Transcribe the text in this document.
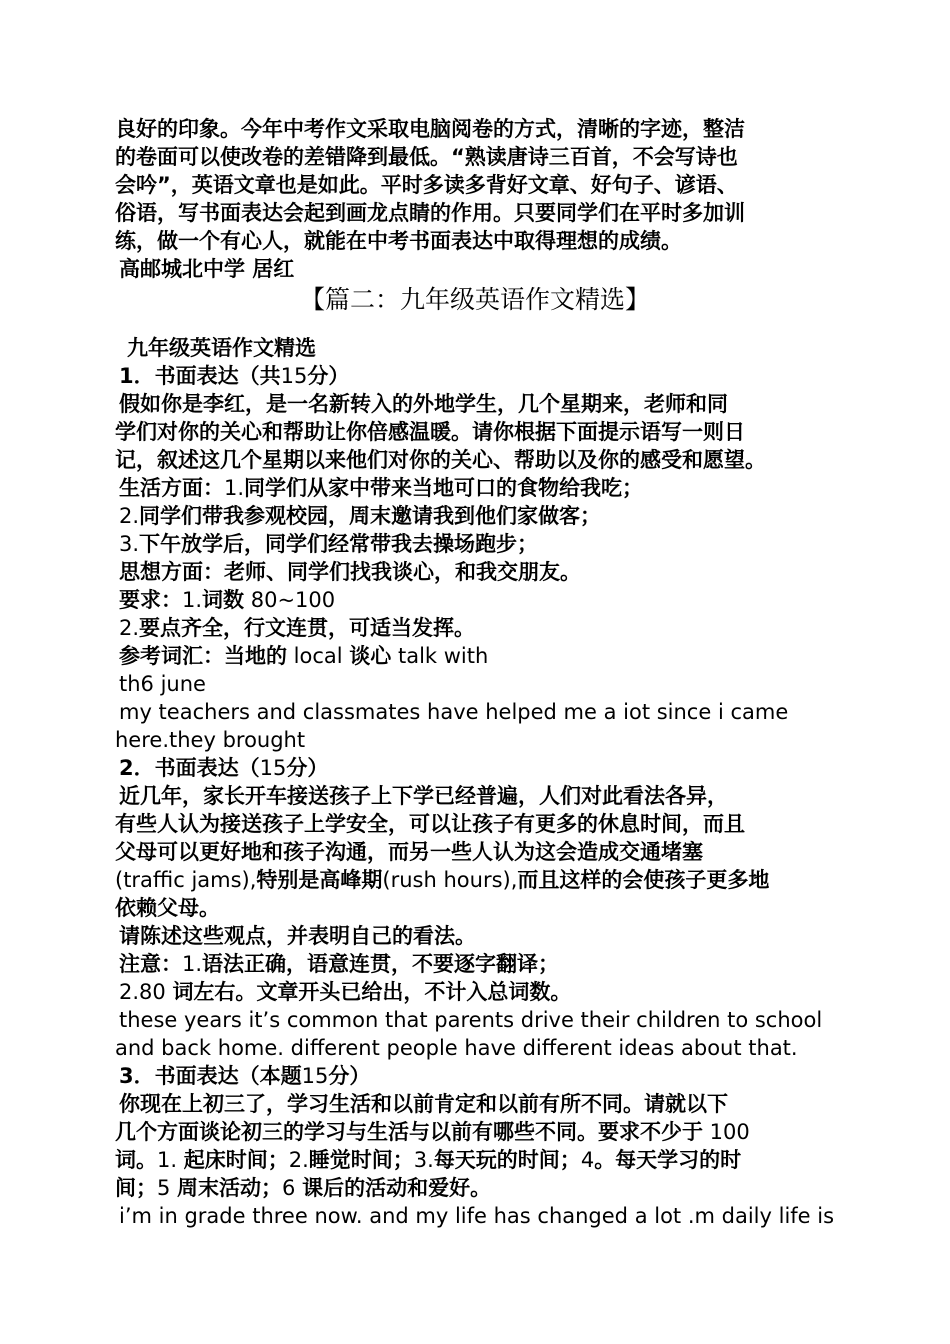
良好的印象。今年中考作文采取电脑阅卷的方式，清晰的字迹，整洁
的卷面可以使改卷的差错降到最低。“熟读唐诗三百首，不会写诗也
会吟”，英语文章也是如此。平时多读多背好文章、好句子、谚语、
俗语，写书面表达会起到画龙点睛的作用。只要同学们在平时多加训
练，做一个有心人，就能在中考书面表达中取得理想的成绩。
高邮城北中学 居红
【篇二：九年级英语作文精选】
九年级英语作文精选
1．书面表达（共15分）
假如你是李红，是一名新转入的外地学生，几个星期来，老师和同
学们对你的关心和帮助让你倍感温暖。请你根据下面提示语写一则日
记，叙述这几个星期以来他们对你的关心、帮助以及你的感受和愿望。
生活方面：1.同学们从家中带来当地可口的食物给我吃；
2.同学们带我参观校园，周末邀请我到他们家做客；
3.下午放学后，同学们经常带我去操场跑步；
思想方面：老师、同学们找我谈心，和我交朋友。
要求：1.词数 80~100
2.要点齐全，行文连贯，可适当发挥。
参考词汇：当地的 local 谈心 talk with
th6 june
my teachers and classmates have helped me a iot since i came
here.they brought
2．书面表达（15分）
近几年，家长开车接送孩子上下学已经普遍，人们对此看法各异，
有些人认为接送孩子上学安全，可以让孩子有更多的休息时间，而且
父母可以更好地和孩子沟通，而另一些人认为这会造成交通堵塞
(traffic jams),特别是高峰期(rush hours),而且这样的会使孩子更多地
依赖父母。
请陈述这些观点，并表明自己的看法。
注意：1.语法正确，语意连贯，不要逐字翻译；
2.80 词左右。文章开头已给出，不计入总词数。
these years it’s common that parents drive their children to school
and back home. different people have different ideas about that.
3．书面表达（本题15分）
你现在上初三了，学习生活和以前肯定和以前有所不同。请就以下
几个方面谈论初三的学习与生活与以前有哪些不同。要求不少于 100
词。1. 起床时间；2.睡觉时间；3.每天玩的时间；4。每天学习的时
间；5 周末活动；6 课后的活动和爱好。
i’m in grade three now. and my life has changed a lot .m daily life is
